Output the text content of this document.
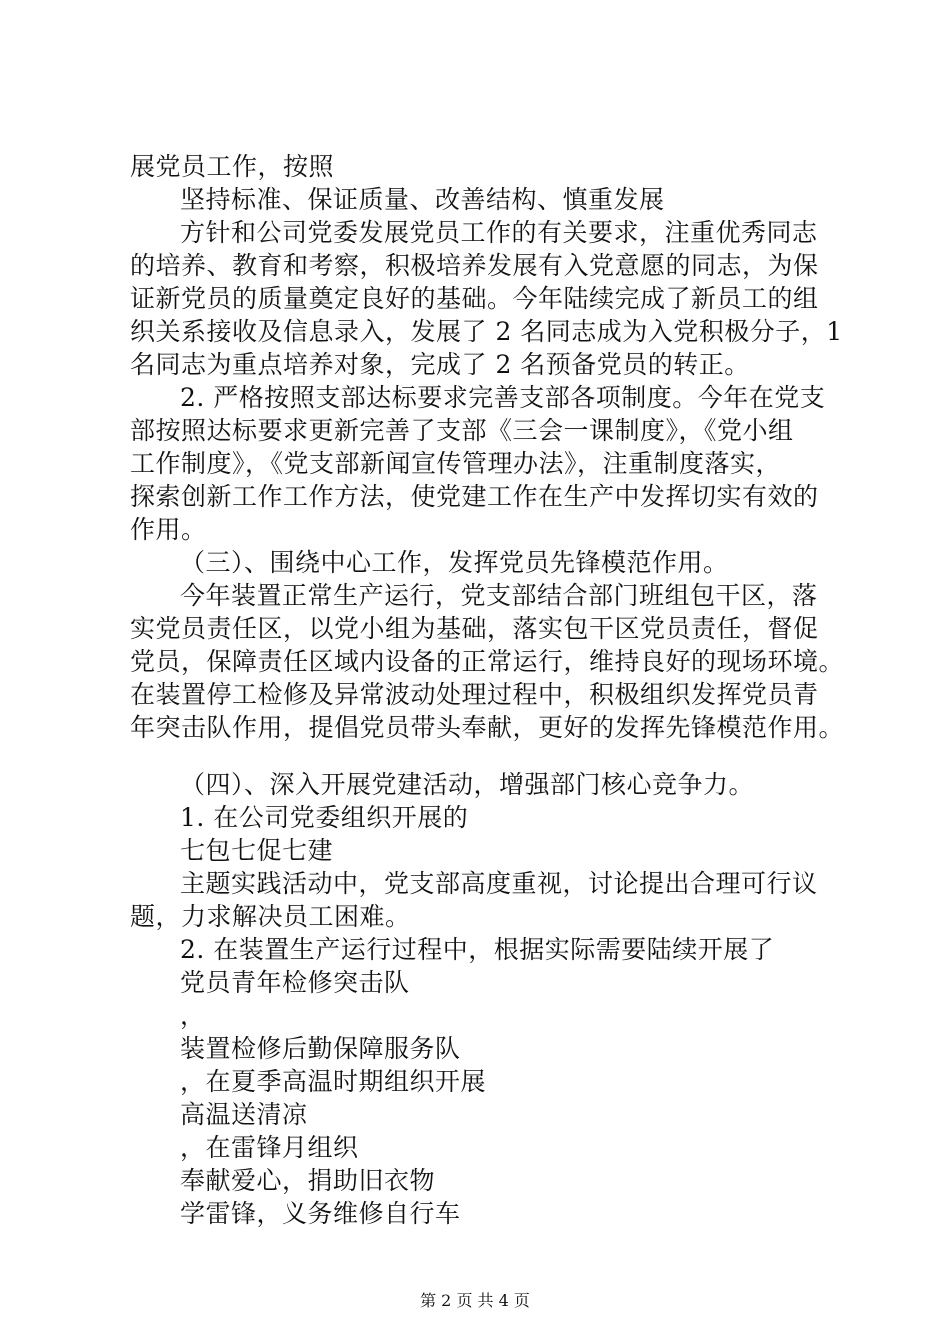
展党员工作，按照
坚持标准、保证质量、改善结构、慎重发展
方针和公司党委发展党员工作的有关要求，注重优秀同志
的培养、教育和考察，积极培养发展有入党意愿的同志，为保
证新党员的质量奠定良好的基础。今年陆续完成了新员工的组
织关系接收及信息录入，发展了 2 名同志成为入党积极分子，1
名同志为重点培养对象，完成了 2 名预备党员的转正。
2. 严格按照支部达标要求完善支部各项制度。今年在党支
部按照达标要求更新完善了支部《三会一课制度》，《党小组
工作制度》，《党支部新闻宣传管理办法》，注重制度落实，
探索创新工作工作方法，使党建工作在生产中发挥切实有效的
作用。
（三）、围绕中心工作，发挥党员先锋模范作用。
今年装置正常生产运行，党支部结合部门班组包干区，落
实党员责任区，以党小组为基础，落实包干区党员责任，督促
党员，保障责任区域内设备的正常运行，维持良好的现场环境。
在装置停工检修及异常波动处理过程中，积极组织发挥党员青
年突击队作用，提倡党员带头奉献，更好的发挥先锋模范作用。
（四）、深入开展党建活动，增强部门核心竞争力。
1. 在公司党委组织开展的
七包七促七建
主题实践活动中，党支部高度重视，讨论提出合理可行议
题，力求解决员工困难。
2. 在装置生产运行过程中，根据实际需要陆续开展了
党员青年检修突击队
，
装置检修后勤保障服务队
，在夏季高温时期组织开展
高温送清凉
，在雷锋月组织
奉献爱心，捐助旧衣物
学雷锋，义务维修自行车
第 2 页 共 4 页
